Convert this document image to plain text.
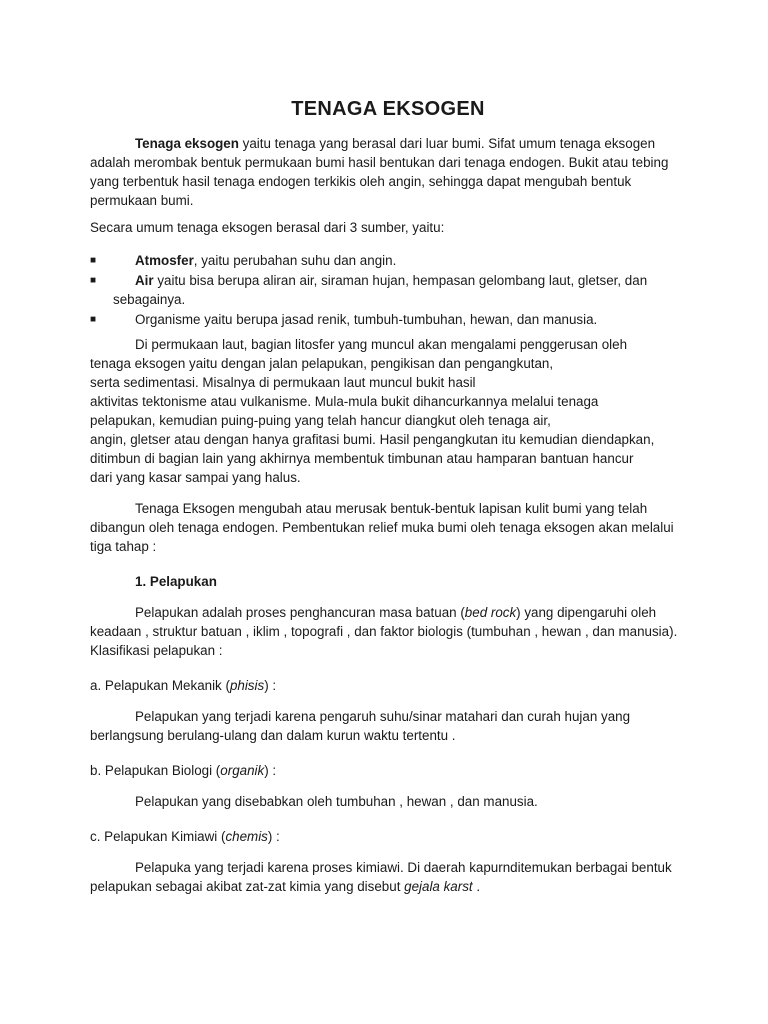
TENAGA EKSOGEN

Tenaga eksogen yaitu tenaga yang berasal dari luar bumi. Sifat umum tenaga eksogen adalah merombak bentuk permukaan bumi hasil bentukan dari tenaga endogen. Bukit atau tebing yang terbentuk hasil tenaga endogen terkikis oleh angin, sehingga dapat mengubah bentuk permukaan bumi.

Secara umum tenaga eksogen berasal dari 3 sumber, yaitu:

■	Atmosfer, yaitu perubahan suhu dan angin.
■	Air yaitu bisa berupa aliran air, siraman hujan, hempasan gelombang laut, gletser, dan
sebagainya.
■	Organisme yaitu berupa jasad renik, tumbuh-tumbuhan, hewan, dan manusia.
Di permukaan laut, bagian litosfer yang muncul akan mengalami penggerusan oleh
tenaga eksogen yaitu dengan jalan pelapukan, pengikisan dan pengangkutan,
serta sedimentasi. Misalnya di permukaan laut muncul bukit hasil
aktivitas tektonisme atau vulkanisme. Mula-mula bukit dihancurkannya melalui tenaga
pelapukan, kemudian puing-puing yang telah hancur diangkut oleh tenaga air,
angin, gletser atau dengan hanya grafitasi bumi. Hasil pengangkutan itu kemudian diendapkan,
ditimbun di bagian lain yang akhirnya membentuk timbunan atau hamparan bantuan hancur
dari yang kasar sampai yang halus.

Tenaga Eksogen mengubah atau merusak bentuk-bentuk lapisan kulit bumi yang telah dibangun oleh tenaga endogen. Pembentukan relief muka bumi oleh tenaga eksogen akan melalui tiga tahap :

1. Pelapukan

Pelapukan adalah proses penghancuran masa batuan (bed rock) yang dipengaruhi oleh keadaan , struktur batuan , iklim , topografi , dan faktor biologis (tumbuhan , hewan , dan manusia). Klasifikasi pelapukan :

a. Pelapukan Mekanik (phisis) :

Pelapukan yang terjadi karena pengaruh suhu/sinar matahari dan curah hujan yang berlangsung berulang-ulang dan dalam kurun waktu tertentu .

b. Pelapukan Biologi (organik) :

Pelapukan yang disebabkan oleh tumbuhan , hewan , dan manusia.

c. Pelapukan Kimiawi (chemis) :

Pelapuka yang terjadi karena proses kimiawi. Di daerah kapurnditemukan berbagai bentuk pelapukan sebagai akibat zat-zat kimia yang disebut gejala karst .
